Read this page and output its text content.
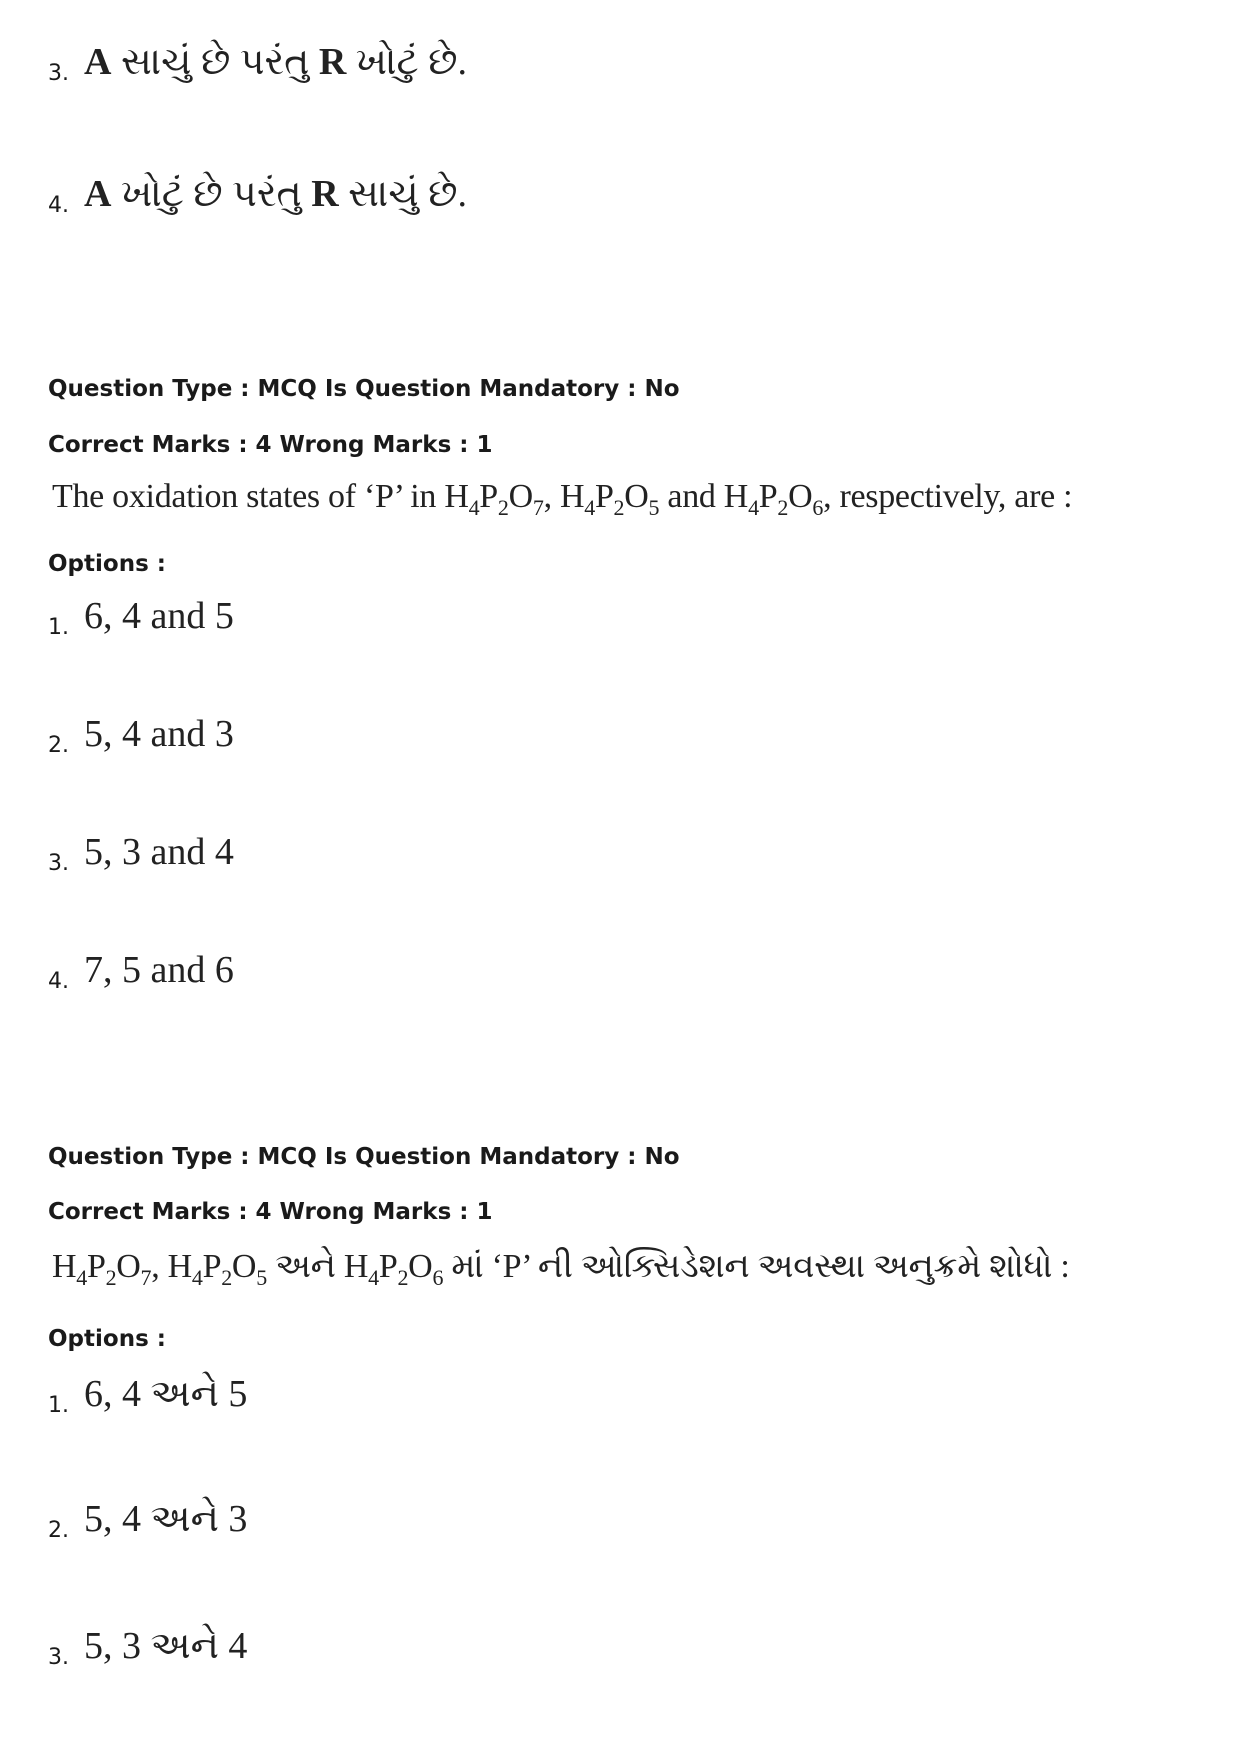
3. A સાચું છે પરંતુ R ખોટું છે.
4. A ખોટું છે પરંતુ R સાચું છે.
Question Type : MCQ Is Question Mandatory : No
Correct Marks : 4 Wrong Marks : 1
The oxidation states of ‘P’ in $H_4P_2O_7$, $H_4P_2O_5$ and $H_4P_2O_6$, respectively, are :
Options :
1. 6, 4 and 5
2. 5, 4 and 3
3. 5, 3 and 4
4. 7, 5 and 6
Question Type : MCQ Is Question Mandatory : No
Correct Marks : 4 Wrong Marks : 1
$H_4P_2O_7$, $H_4P_2O_5$ અને $H_4P_2O_6$ માં ‘P’ ની ઓક્સિડેશન અવસ્થા અનુક્રમે શોધો :
Options :
1. 6, 4 અને 5
2. 5, 4 અને 3
3. 5, 3 અને 4
